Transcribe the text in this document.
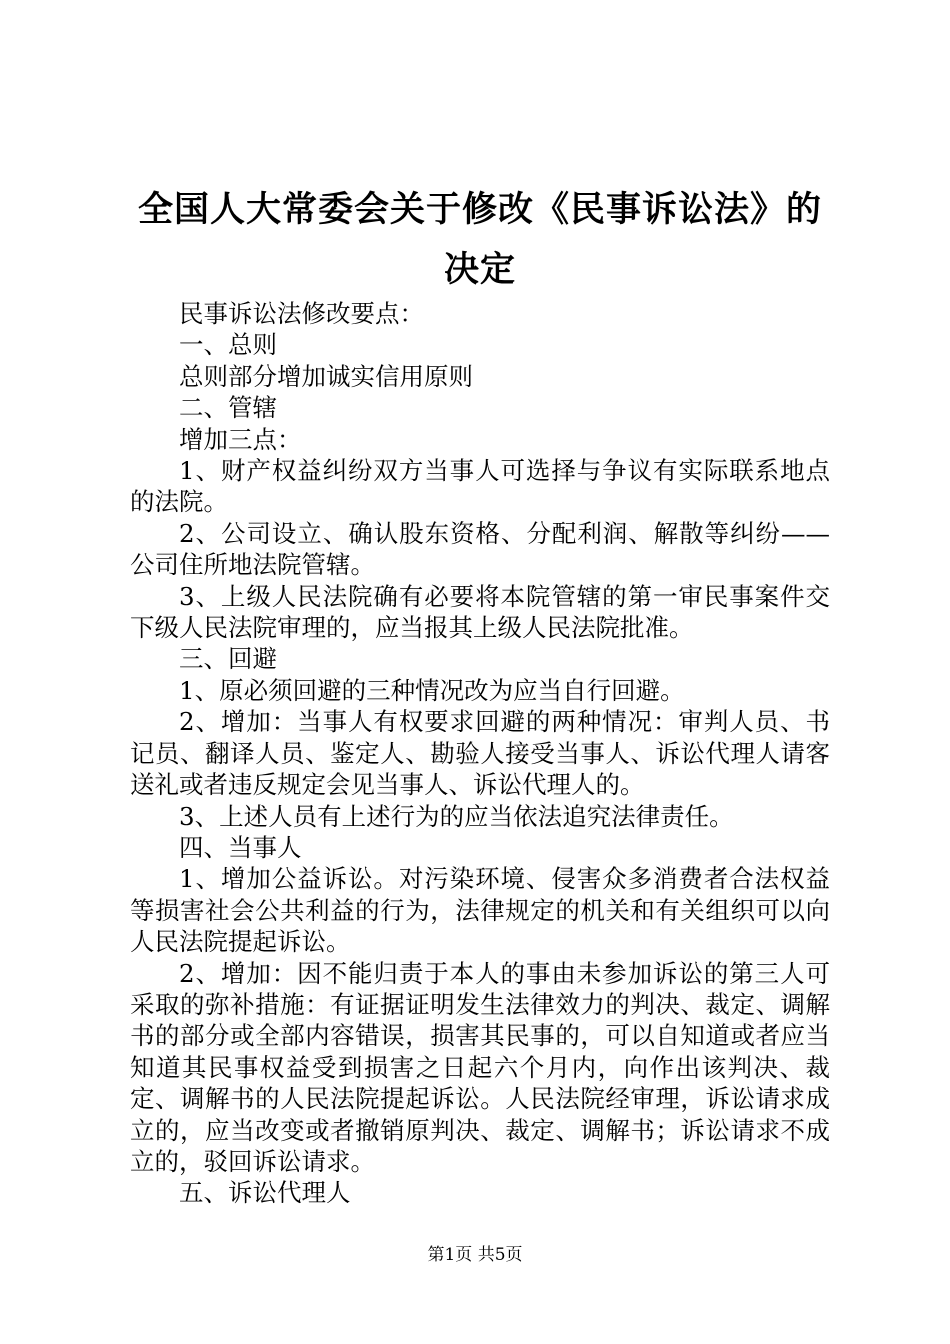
全国人大常委会关于修改《民事诉讼法》的决定

民事诉讼法修改要点：

一、总则

总则部分增加诚实信用原则

二、管辖

增加三点：

1、财产权益纠纷双方当事人可选择与争议有实际联系地点的法院。

2、公司设立、确认股东资格、分配利润、解散等纠纷——公司住所地法院管辖。

3、上级人民法院确有必要将本院管辖的第一审民事案件交下级人民法院审理的，应当报其上级人民法院批准。

三、回避

1、原必须回避的三种情况改为应当自行回避。

2、增加：当事人有权要求回避的两种情况：审判人员、书记员、翻译人员、鉴定人、勘验人接受当事人、诉讼代理人请客送礼或者违反规定会见当事人、诉讼代理人的。

3、上述人员有上述行为的应当依法追究法律责任。

四、当事人

1、增加公益诉讼。对污染环境、侵害众多消费者合法权益等损害社会公共利益的行为，法律规定的机关和有关组织可以向人民法院提起诉讼。

2、增加：因不能归责于本人的事由未参加诉讼的第三人可采取的弥补措施：有证据证明发生法律效力的判决、裁定、调解书的部分或全部内容错误，损害其民事的，可以自知道或者应当知道其民事权益受到损害之日起六个月内，向作出该判决、裁定、调解书的人民法院提起诉讼。人民法院经审理，诉讼请求成立的，应当改变或者撤销原判决、裁定、调解书；诉讼请求不成立的，驳回诉讼请求。

五、诉讼代理人

第1页 共5页
